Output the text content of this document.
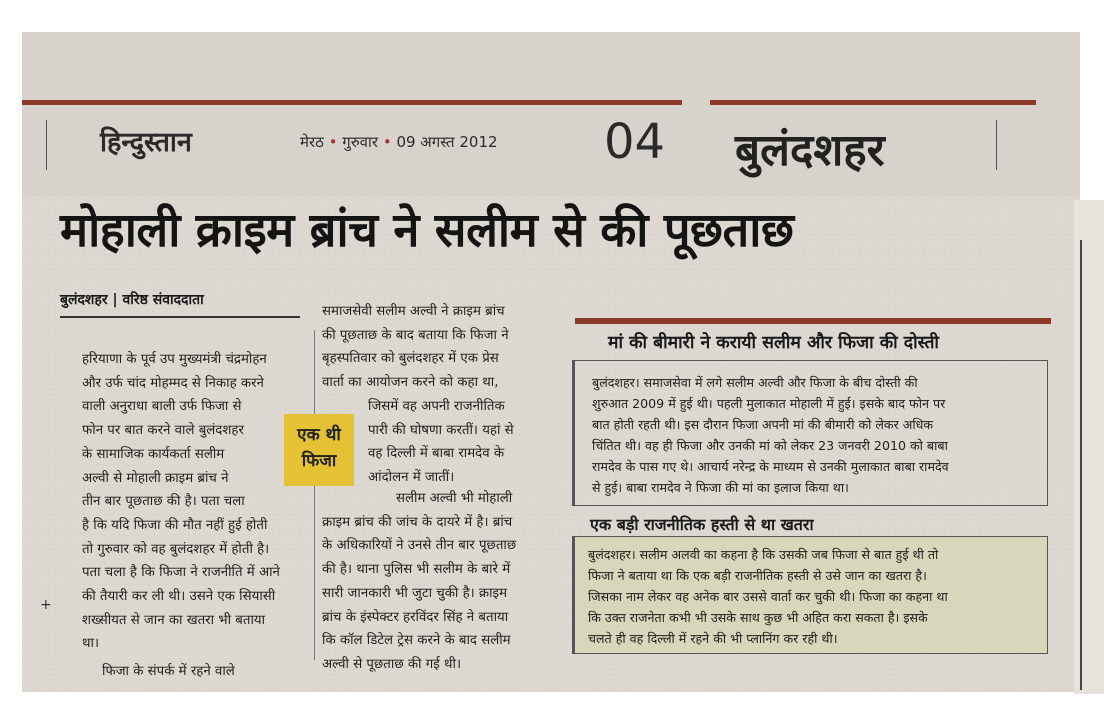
हिन्दुस्तान	मेरठ • गुरुवार • 09 अगस्त 2012 04 बुलंदशहर
मोहाली क्राइम ब्रांच ने सलीम से की पूछताछ
बुलंदशहर | वरिष्ठ संवाददाता

हरियाणा के पूर्व उप मुख्यमंत्री चंद्रमोहन

और उर्फ चांद मोहम्मद से निकाह करने

वाली अनुराधा बाली उर्फ फिजा से

फोन पर बात करने वाले बुलंदशहर

के सामाजिक कार्यकर्ता सलीम

अल्वी से मोहाली क्राइम ब्रांच ने

तीन बार पूछताछ की है। पता चला

है कि यदि फिजा की मौत नहीं हुई होती

तो गुरुवार को वह बुलंदशहर में होती है।

पता चला है कि फिजा ने राजनीति में आने

की तैयारी कर ली थी। उसने एक सियासी

शख्सीयत से जान का खतरा भी बताया

था।

फिजा के संपर्क में रहने वाले

एक थी
फिजा

समाजसेवी सलीम अल्वी ने क्राइम ब्रांच

की पूछताछ के बाद बताया कि फिजा ने

बृहस्पतिवार को बुलंदशहर में एक प्रेस

वार्ता का आयोजन करने को कहा था,

जिसमें वह अपनी राजनीतिक

पारी की घोषणा करतीं। यहां से

वह दिल्ली में बाबा रामदेव के

आंदोलन में जातीं।

सलीम अल्वी भी मोहाली

क्राइम ब्रांच की जांच के दायरे में है। ब्रांच

के अधिकारियों ने उनसे तीन बार पूछताछ

की है। थाना पुलिस भी सलीम के बारे में

सारी जानकारी भी जुटा चुकी है। क्राइम

ब्रांच के इंस्पेक्टर हरविंदर सिंह ने बताया

कि कॉल डिटेल ट्रेस करने के बाद सलीम

अल्वी से पूछताछ की गई थी।

मां की बीमारी ने करायी सलीम और फिजा की दोस्ती

बुलंदशहर। समाजसेवा में लगे सलीम अल्वी और फिजा के बीच दोस्ती की

शुरुआत 2009 में हुई थी। पहली मुलाकात मोहाली में हुई। इसके बाद फोन पर

बात होती रहती थी। इस दौरान फिजा अपनी मां की बीमारी को लेकर अधिक

चिंतित थी। वह ही फिजा और उनकी मां को लेकर 23 जनवरी 2010 को बाबा

रामदेव के पास गए थे। आचार्य नरेन्द्र के माध्यम से उनकी मुलाकात बाबा रामदेव

से हुई। बाबा रामदेव ने फिजा की मां का इलाज किया था।

एक बड़ी राजनीतिक हस्ती से था खतरा

बुलंदशहर। सलीम अलवी का कहना है कि उसकी जब फिजा से बात हुई थी तो

फिजा ने बताया था कि एक बड़ी राजनीतिक हस्ती से उसे जान का खतरा है।

जिसका नाम लेकर वह अनेक बार उससे वार्ता कर चुकी थी। फिजा का कहना था

कि उक्त राजनेता कभी भी उसके साथ कुछ भी अहित करा सकता है। इसके

चलते ही वह दिल्ली में रहने की भी प्लानिंग कर रही थी।

+
